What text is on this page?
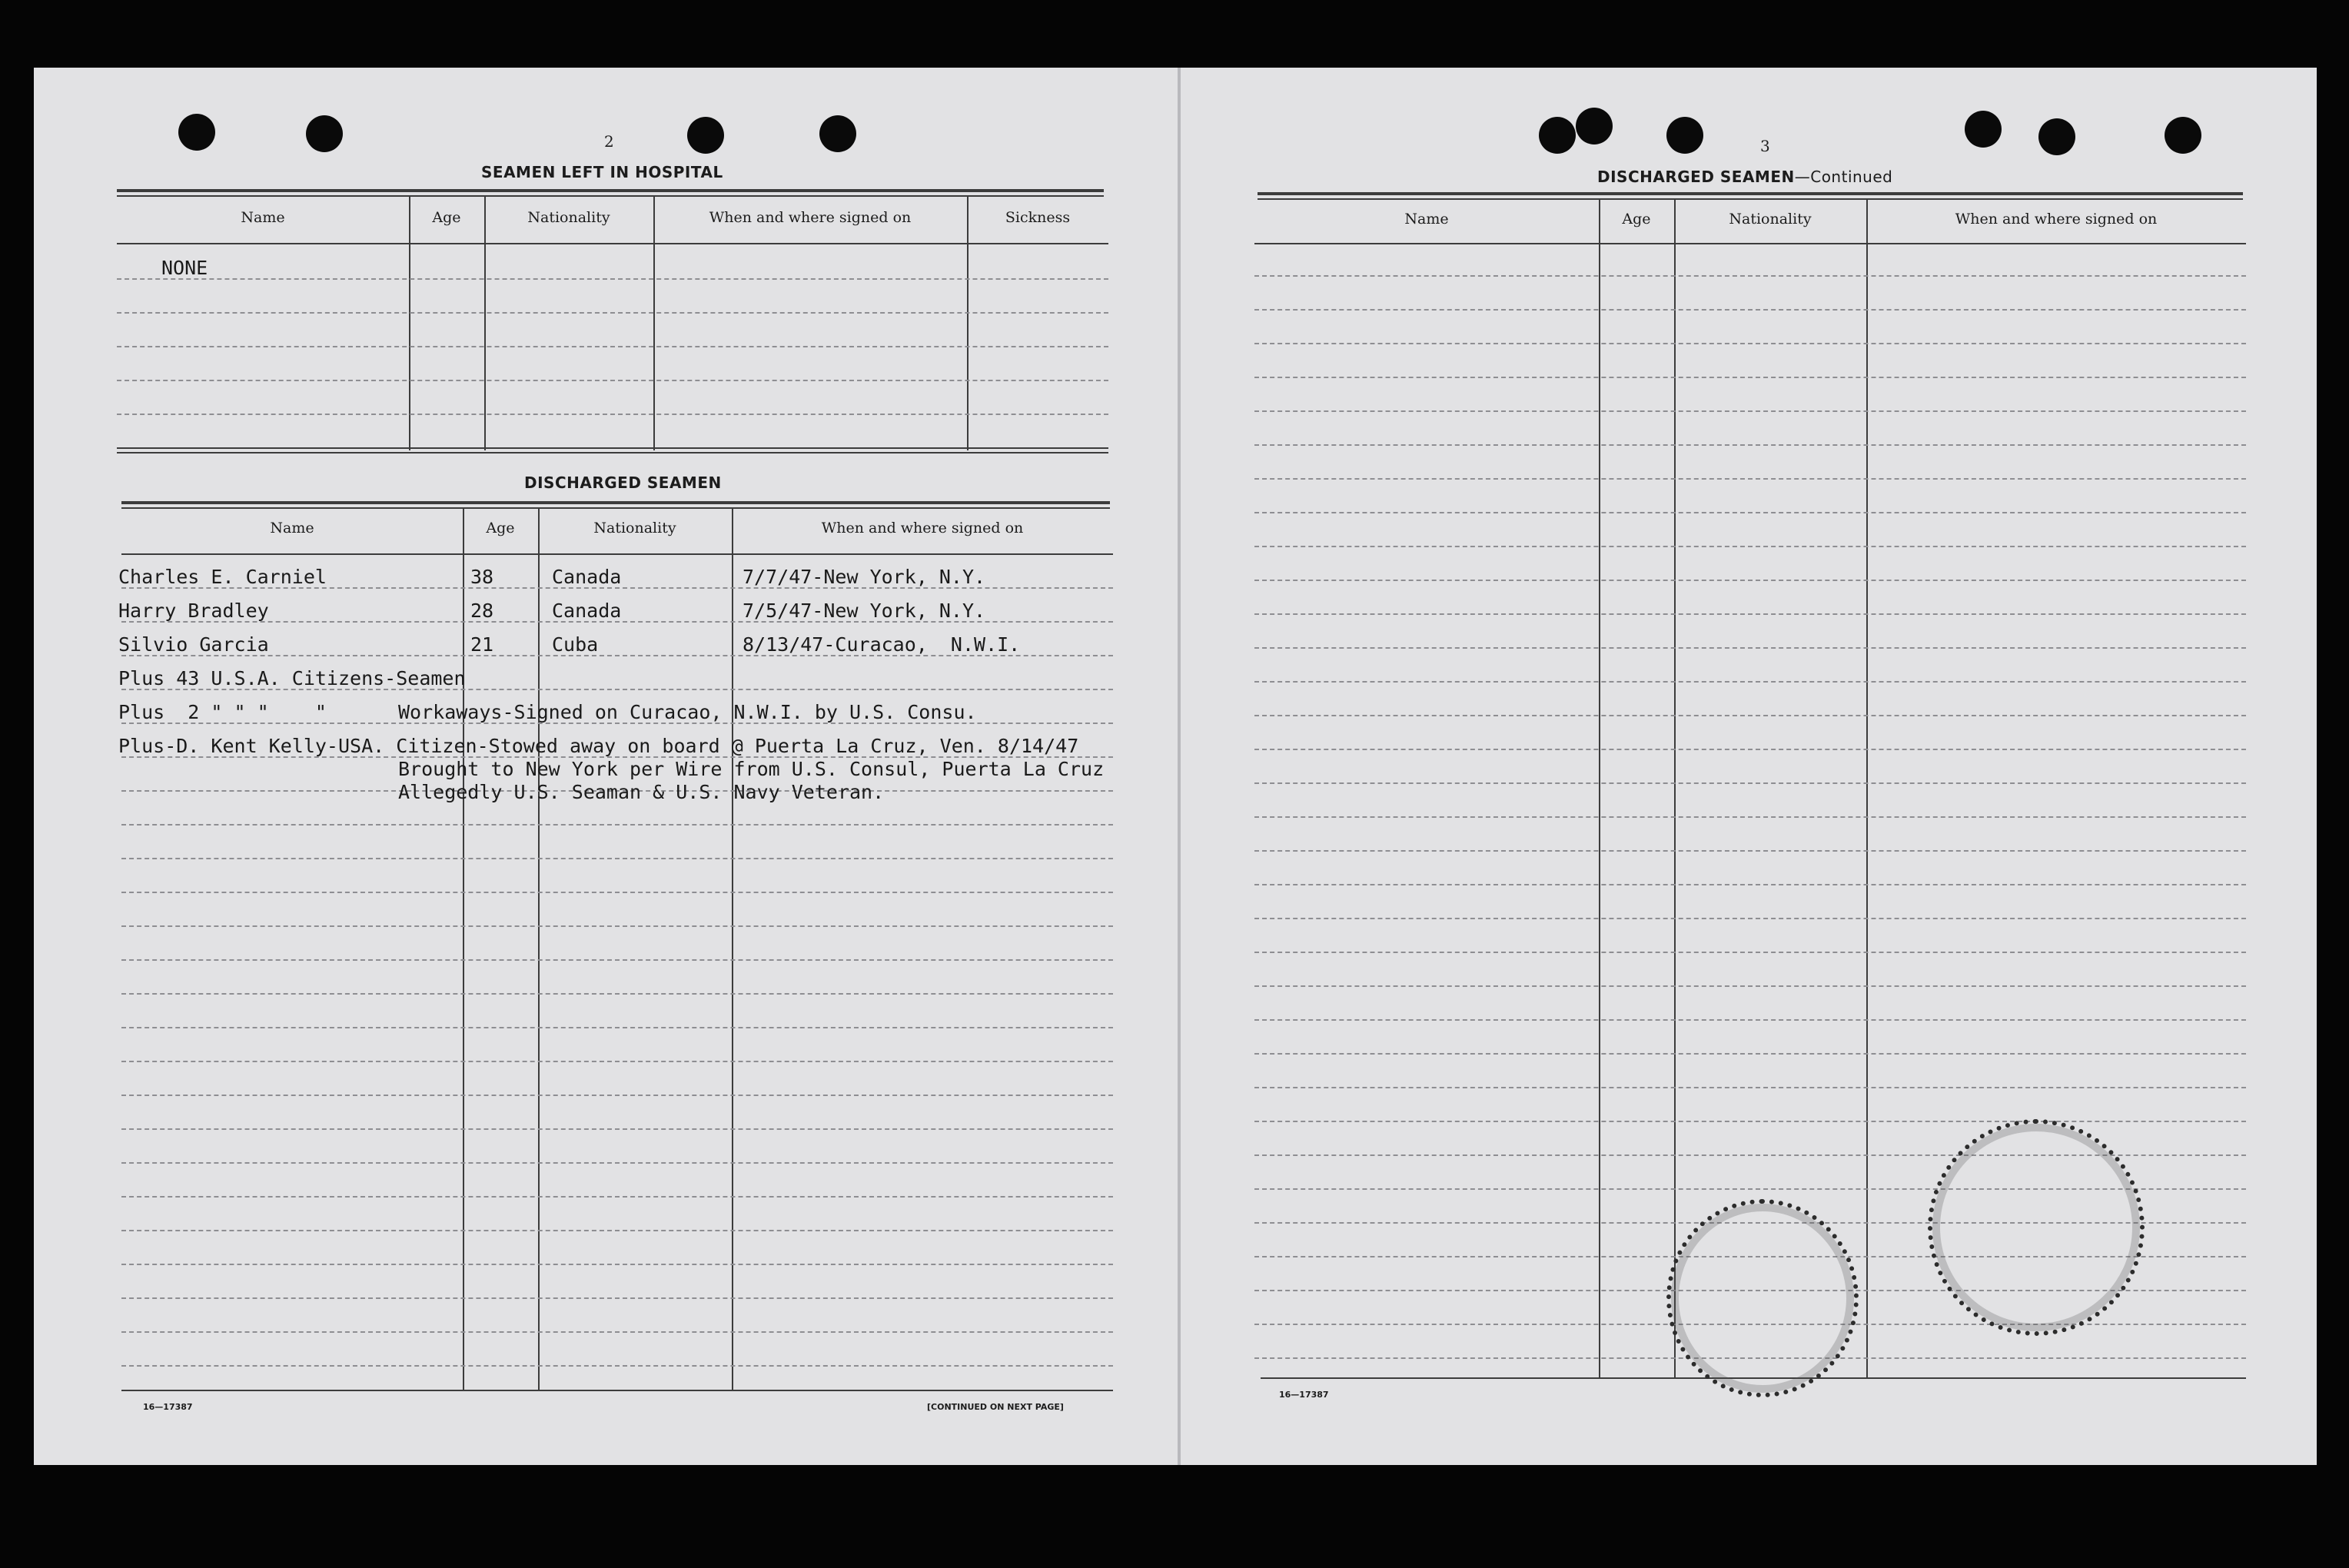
2
SEAMEN LEFT IN HOSPITAL
Name	Age	Nationality	When and where signed on	Sickness
NONE
DISCHARGED SEAMEN
Name	Age	Nationality	When and where signed on
Charles E. Carniel	38	Canada	7/7/47-New York, N.Y.
Harry Bradley	28	Canada	7/5/47-New York, N.Y.
Silvio Garcia	21	Cuba	8/13/47-Curacao,  N.W.I.
Plus 43 U.S.A. Citizens-Seamen
Plus  2 " " "    "	Workaways-Signed on Curacao, N.W.I. by U.S. Consu.
Plus-D. Kent Kelly-USA. Citizen-Stowed away on board @ Puerta La Cruz, Ven. 8/14/47
Brought to New York per Wire from U.S. Consul, Puerta La Cruz
Allegedly U.S. Seaman & U.S. Navy Veteran.
16—17387	[CONTINUED ON NEXT PAGE]
3
DISCHARGED SEAMEN—Continued
Name	Age	Nationality	When and where signed on
16—17387
